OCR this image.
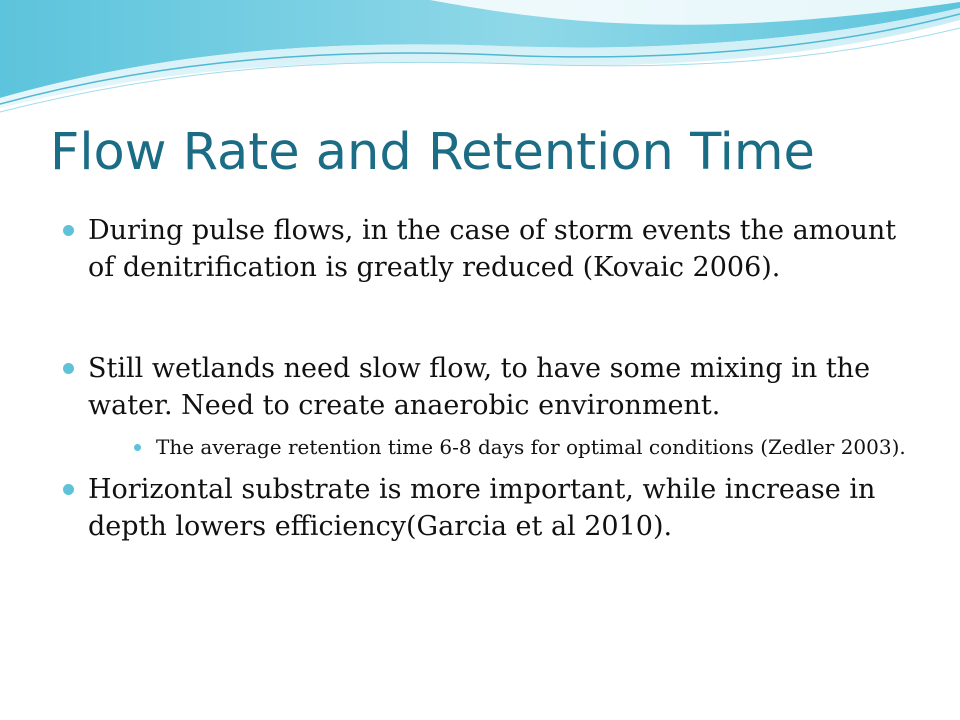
Flow Rate and Retention Time
During pulse flows, in the case of storm events the amount of denitrification is greatly reduced (Kovaic 2006).
Still wetlands need slow flow, to have some mixing in the water. Need to create anaerobic environment.
The average retention time 6-8 days for optimal conditions (Zedler 2003).
Horizontal substrate is more important, while increase in depth lowers efficiency(Garcia et al 2010).
